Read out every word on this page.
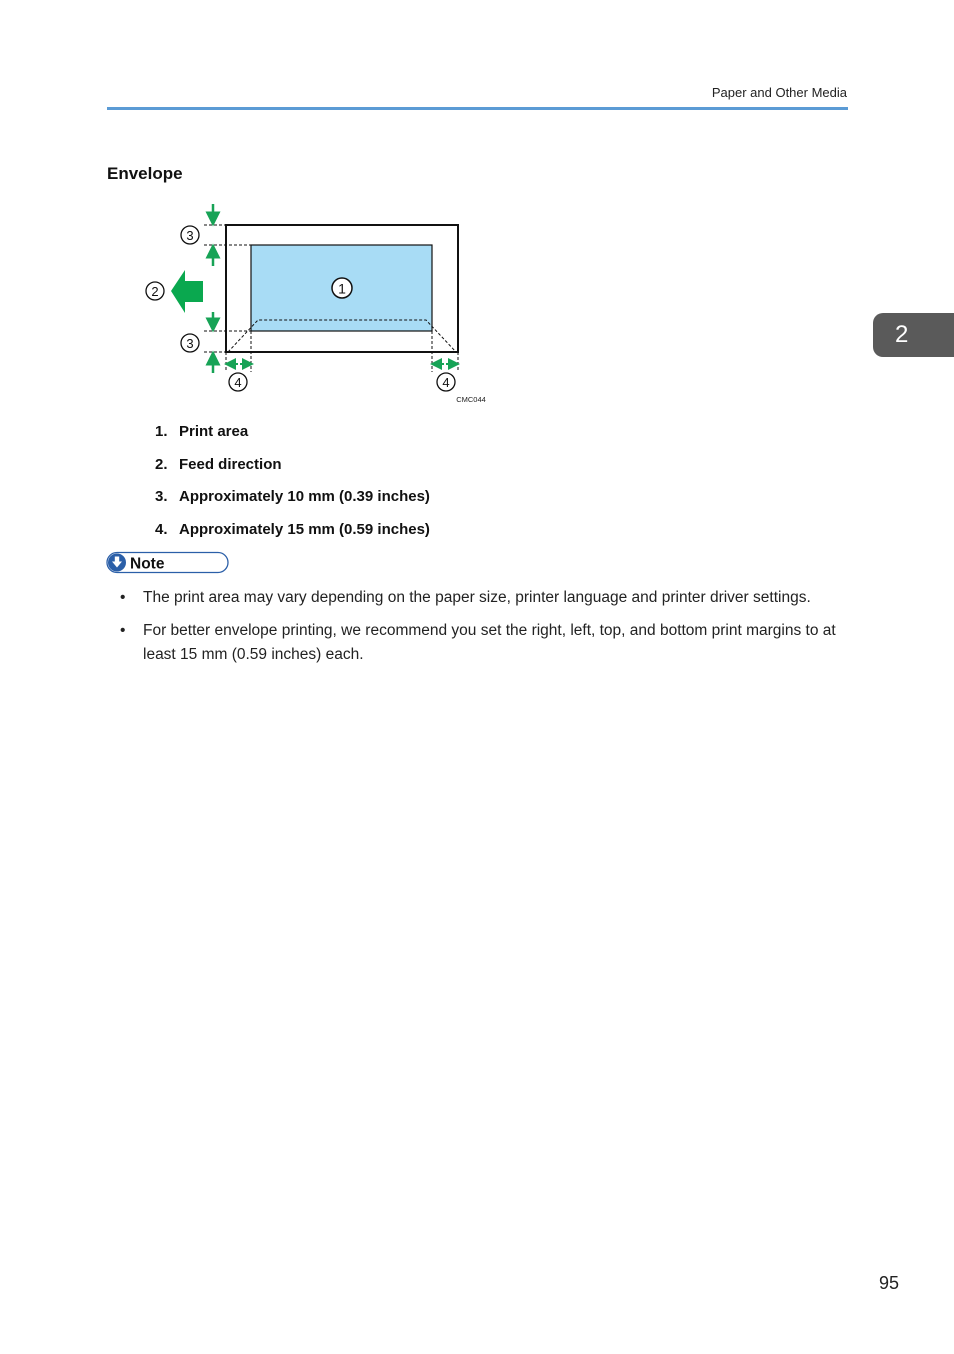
Paper and Other Media
2
Envelope
1
2
3
3
4	4
CMC044
1. Print area
2. Feed direction
3. Approximately 10 mm (0.39 inches)
4. Approximately 15 mm (0.59 inches)
Note
• The print area may vary depending on the paper size, printer language and printer driver settings.
• For better envelope printing, we recommend you set the right, left, top, and bottom print margins to at least 15 mm (0.59 inches) each.
95
